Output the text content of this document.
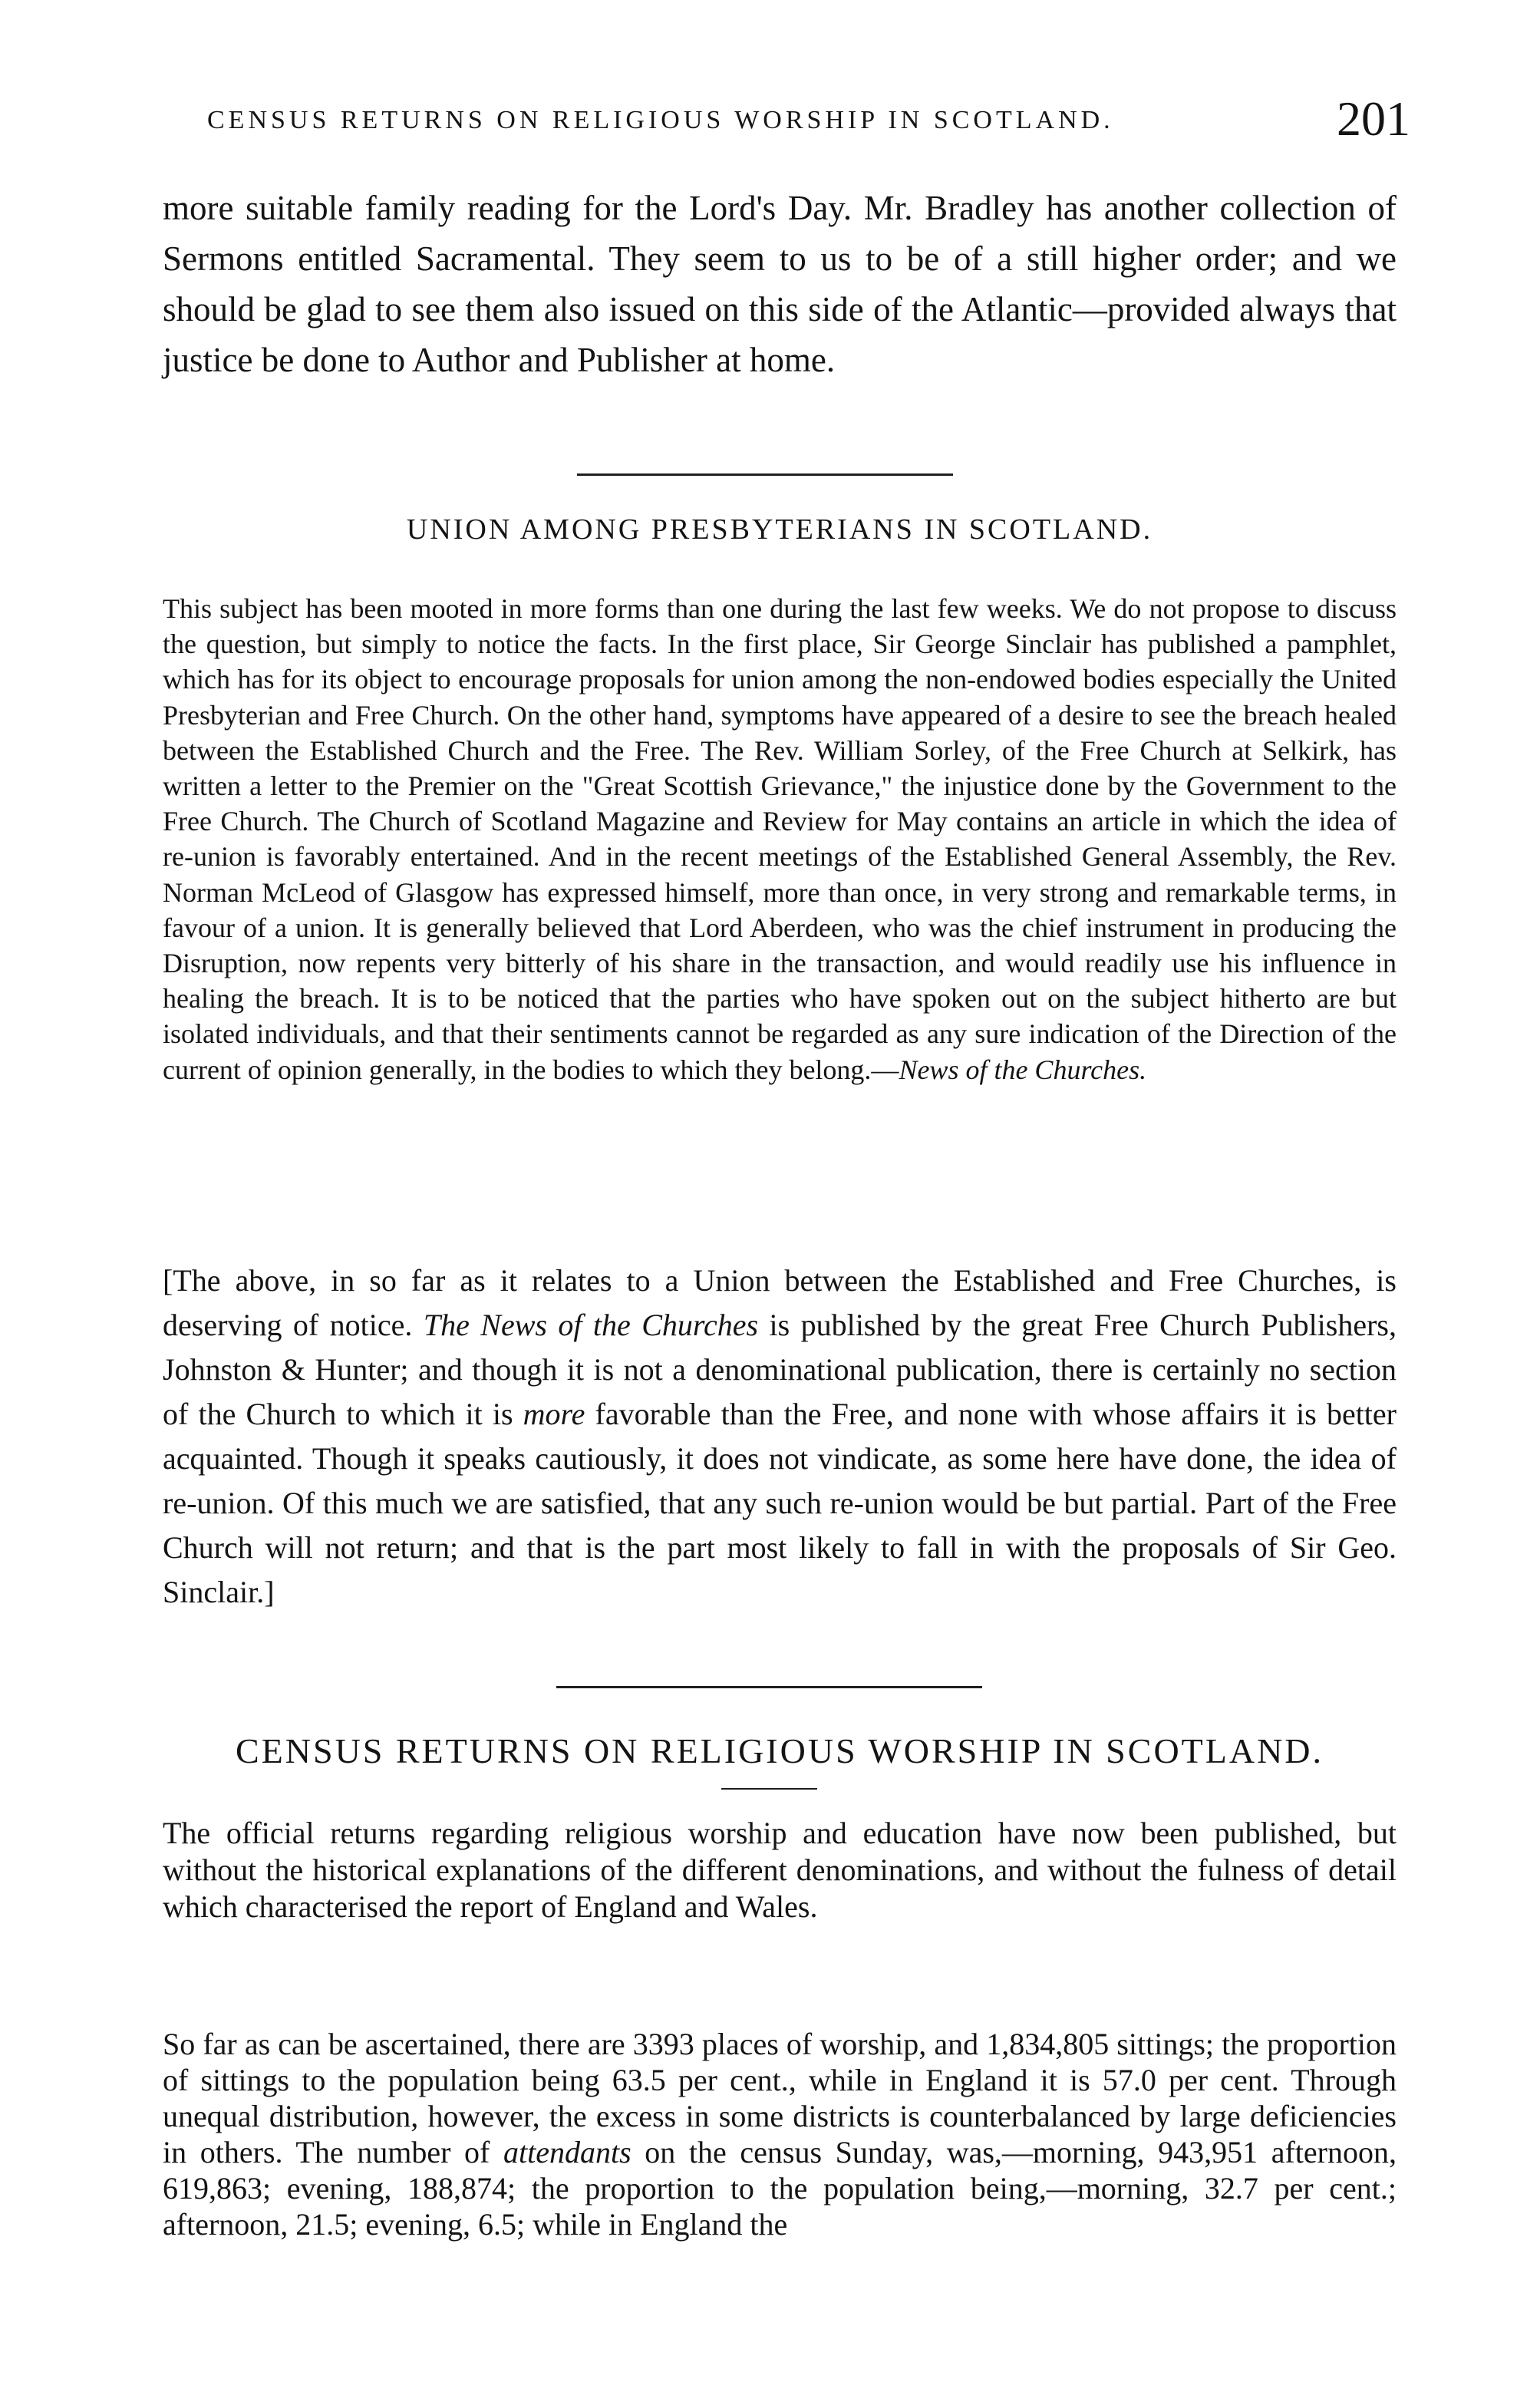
CENSUS RETURNS ON RELIGIOUS WORSHIP IN SCOTLAND.	201

more suitable family reading for the Lord's Day. Mr. Bradley has another collection of Sermons entitled Sacramental. They seem to us to be of a still higher order; and we should be glad to see them also issued on this side of the Atlantic—provided always that justice be done to Author and Publisher at home.

UNION AMONG PRESBYTERIANS IN SCOTLAND.

This subject has been mooted in more forms than one during the last few weeks. We do not propose to discuss the question, but simply to notice the facts. In the first place, Sir George Sinclair has published a pamphlet, which has for its object to encourage proposals for union among the non-endowed bodies especially the United Presbyterian and Free Church. On the other hand, symptoms have appeared of a desire to see the breach healed between the Established Church and the Free. The Rev. William Sorley, of the Free Church at Selkirk, has written a letter to the Premier on the "Great Scottish Grievance," the injustice done by the Government to the Free Church. The Church of Scotland Magazine and Review for May contains an article in which the idea of re-union is favorably entertained. And in the recent meetings of the Established General Assembly, the Rev. Norman McLeod of Glasgow has expressed himself, more than once, in very strong and remarkable terms, in favour of a union. It is generally believed that Lord Aberdeen, who was the chief instrument in producing the Disruption, now repents very bitterly of his share in the transaction, and would readily use his influence in healing the breach. It is to be noticed that the parties who have spoken out on the subject hitherto are but isolated individuals, and that their sentiments cannot be regarded as any sure indication of the Direction of the current of opinion generally, in the bodies to which they belong.—News of the Churches.

[The above, in so far as it relates to a Union between the Established and Free Churches, is deserving of notice. The News of the Churches is published by the great Free Church Publishers, Johnston & Hunter; and though it is not a denominational publication, there is certainly no section of the Church to which it is more favorable than the Free, and none with whose affairs it is better acquainted. Though it speaks cautiously, it does not vindicate, as some here have done, the idea of re-union. Of this much we are satisfied, that any such re-union would be but partial. Part of the Free Church will not return; and that is the part most likely to fall in with the proposals of Sir Geo. Sinclair.]

CENSUS RETURNS ON RELIGIOUS WORSHIP IN SCOTLAND.

The official returns regarding religious worship and education have now been published, but without the historical explanations of the different denominations, and without the fulness of detail which characterised the report of England and Wales.

So far as can be ascertained, there are 3393 places of worship, and 1,834,805 sittings; the proportion of sittings to the population being 63.5 per cent., while in England it is 57.0 per cent. Through unequal distribution, however, the excess in some districts is counterbalanced by large deficiencies in others. The number of attendants on the census Sunday, was,—morning, 943,951 afternoon, 619,863; evening, 188,874; the proportion to the population being,—morning, 32.7 per cent.; afternoon, 21.5; evening, 6.5; while in England the
